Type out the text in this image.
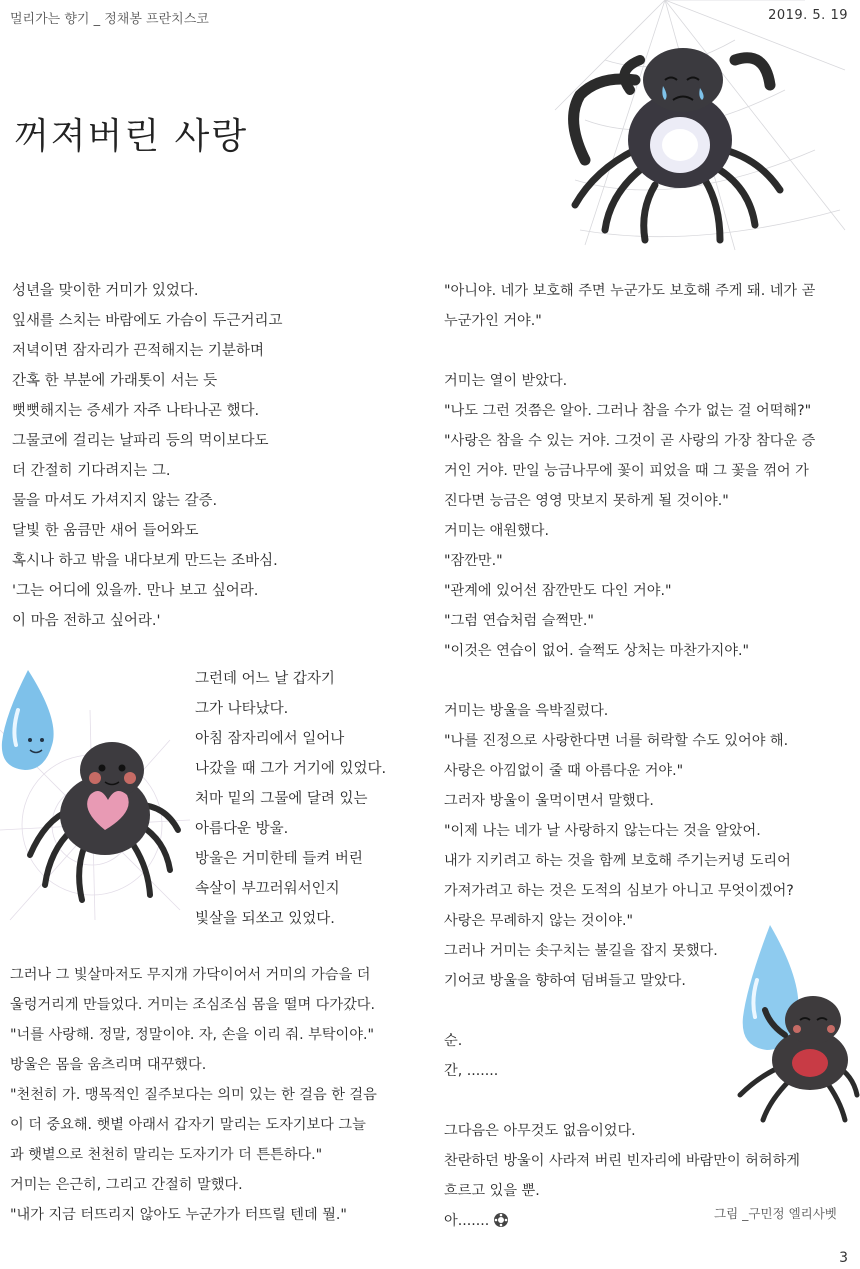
멀리가는 향기 _ 정채봉 프란치스코	2019. 5. 19
꺼져버린 사랑
성년을 맞이한 거미가 있었다.
잎새를 스치는 바람에도 가슴이 두근거리고
저녁이면 잠자리가 끈적해지는 기분하며
간혹 한 부분에 가래톳이 서는 듯
뻣뻣해지는 증세가 자주 나타나곤 했다.
그물코에 걸리는 날파리 등의 먹이보다도
더 간절히 기다려지는 그.
물을 마셔도 가셔지지 않는 갈증.
달빛 한 움큼만 새어 들어와도
혹시나 하고 밖을 내다보게 만드는 조바심.
'그는 어디에 있을까. 만나 보고 싶어라.
이 마음 전하고 싶어라.'
그런데 어느 날 갑자기
그가 나타났다.
아침 잠자리에서 일어나
나갔을 때 그가 거기에 있었다.
처마 밑의 그물에 달려 있는
아름다운 방울.
방울은 거미한테 들켜 버린
속살이 부끄러워서인지
빛살을 되쏘고 있었다.
그러나 그 빛살마저도 무지개 가닥이어서 거미의 가슴을 더
울렁거리게 만들었다. 거미는 조심조심 몸을 떨며 다가갔다.
"너를 사랑해. 정말, 정말이야. 자, 손을 이리 줘. 부탁이야."
방울은 몸을 움츠리며 대꾸했다.
"천천히 가. 맹목적인 질주보다는 의미 있는 한 걸음 한 걸음
이 더 중요해. 햇볕 아래서 갑자기 말리는 도자기보다 그늘
과 햇볕으로 천천히 말리는 도자기가 더 튼튼하다."
거미는 은근히, 그리고 간절히 말했다.
"내가 지금 터뜨리지 않아도 누군가가 터뜨릴 텐데 뭘."
"아니야. 네가 보호해 주면 누군가도 보호해 주게 돼. 네가 곧
누군가인 거야."
거미는 열이 받았다.
"나도 그런 것쯤은 알아. 그러나 참을 수가 없는 걸 어떡해?"
"사랑은 참을 수 있는 거야. 그것이 곧 사랑의 가장 참다운 증
거인 거야. 만일 능금나무에 꽃이 피었을 때 그 꽃을 꺾어 가
진다면 능금은 영영 맛보지 못하게 될 것이야."
거미는 애원했다.
"잠깐만."
"관계에 있어선 잠깐만도 다인 거야."
"그럼 연습처럼 슬쩍만."
"이것은 연습이 없어. 슬쩍도 상처는 마찬가지야."
거미는 방울을 윽박질렀다.
"나를 진정으로 사랑한다면 너를 허락할 수도 있어야 해.
사랑은 아낌없이 줄 때 아름다운 거야."
그러자 방울이 울먹이면서 말했다.
"이제 나는 네가 날 사랑하지 않는다는 것을 알았어.
내가 지키려고 하는 것을 함께 보호해 주기는커녕 도리어
가져가려고 하는 것은 도적의 심보가 아니고 무엇이겠어?
사랑은 무례하지 않는 것이야."
그러나 거미는 솟구치는 불길을 잡지 못했다.
기어코 방울을 향하여 덤벼들고 말았다.
순.
간, .......
그다음은 아무것도 없음이었다.
찬란하던 방울이 사라져 버린 빈자리에 바람만이 허허하게
흐르고 있을 뿐.
아.......	그림 _구민정 엘리사벳
3
